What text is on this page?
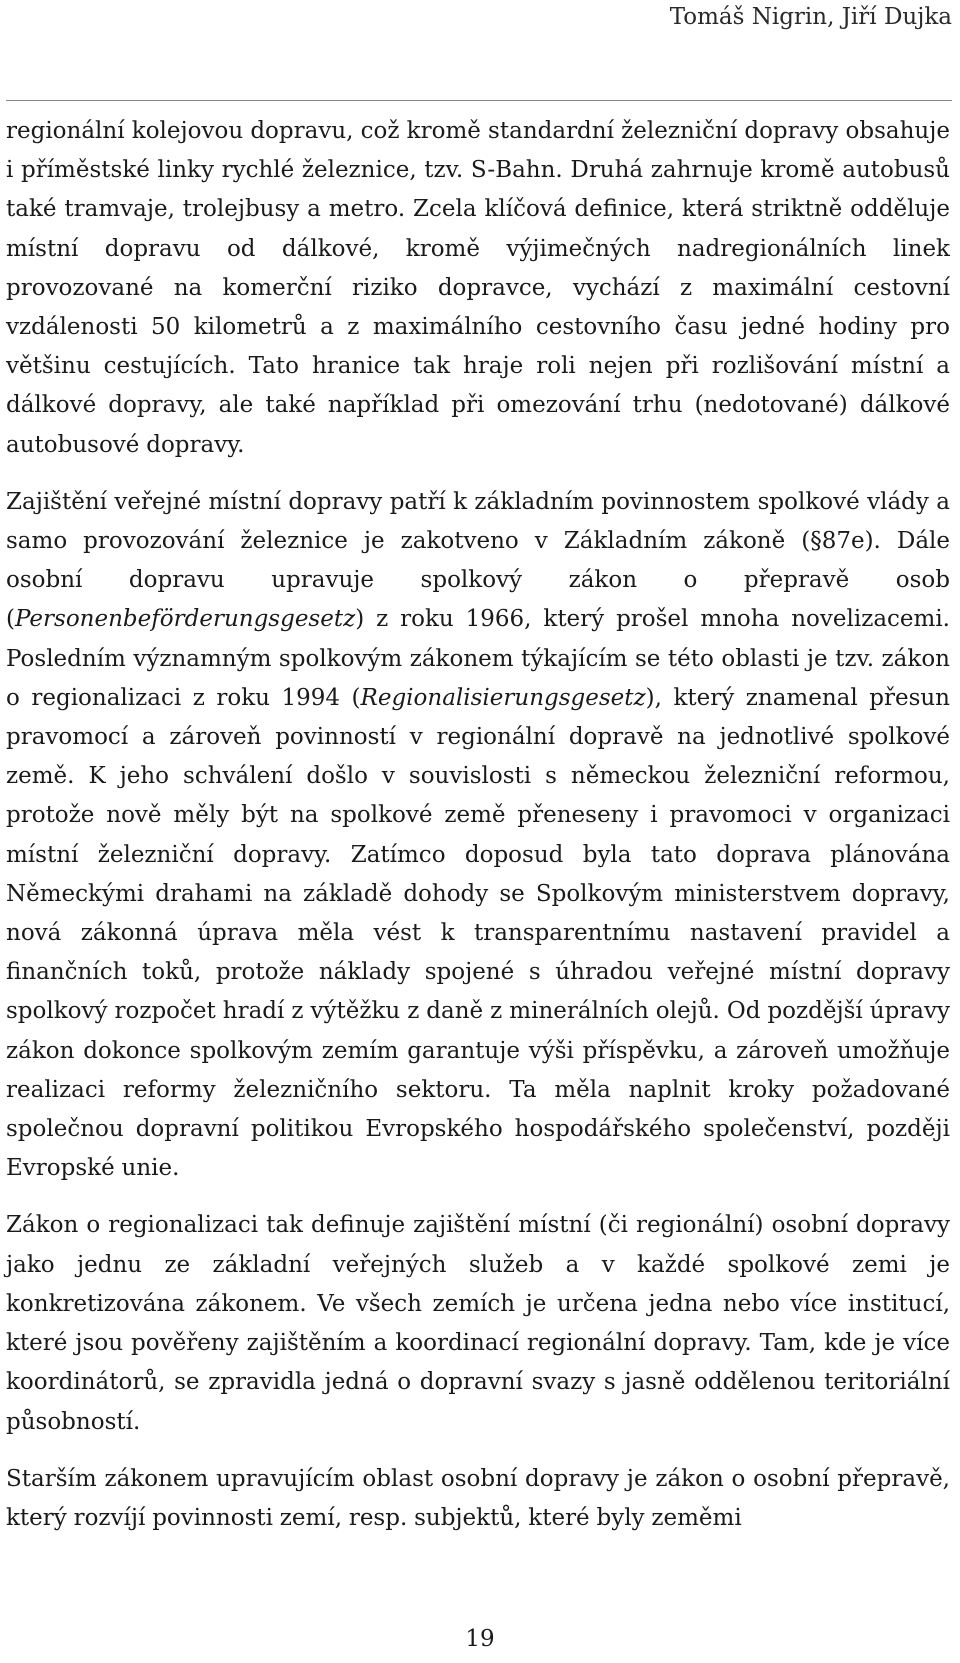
Tomáš Nigrin, Jiří Dujka

regionální kolejovou dopravu, což kromě standardní železniční dopravy obsahuje i příměstské linky rychlé železnice, tzv. S-Bahn. Druhá zahrnuje kromě autobusů také tramvaje, trolejbusy a metro. Zcela klíčová definice, která striktně odděluje místní dopravu od dálkové, kromě výjimečných nadregionálních linek provozované na komerční riziko dopravce, vychází z maximální cestovní vzdálenosti 50 kilometrů a z maximálního cestovního času jedné hodiny pro většinu cestujících. Tato hranice tak hraje roli nejen při rozlišování místní a dálkové dopravy, ale také například při omezování trhu (nedotované) dálkové autobusové dopravy.

Zajištění veřejné místní dopravy patří k základním povinnostem spolkové vlády a samo provozování železnice je zakotveno v Základním zákoně (§87e). Dále osobní dopravu upravuje spolkový zákon o přepravě osob (Personenbeförderungsgesetz) z roku 1966, který prošel mnoha novelizacemi. Posledním významným spolkovým zákonem týkajícím se této oblasti je tzv. zákon o regionalizaci z roku 1994 (Regionalisierungsgesetz), který znamenal přesun pravomocí a zároveň povinností v regionální dopravě na jednotlivé spolkové země. K jeho schválení došlo v souvislosti s německou železniční reformou, protože nově měly být na spolkové země přeneseny i pravomoci v organizaci místní železniční dopravy. Zatímco doposud byla tato doprava plánována Německými drahami na základě dohody se Spolkovým ministerstvem dopravy, nová zákonná úprava měla vést k transparentnímu nastavení pravidel a finančních toků, protože náklady spojené s úhradou veřejné místní dopravy spolkový rozpočet hradí z výtěžku z daně z minerálních olejů. Od pozdější úpravy zákon dokonce spolkovým zemím garantuje výši příspěvku, a zároveň umožňuje realizaci reformy železničního sektoru. Ta měla naplnit kroky požadované společnou dopravní politikou Evropského hospodářského společenství, později Evropské unie.

Zákon o regionalizaci tak definuje zajištění místní (či regionální) osobní dopravy jako jednu ze základní veřejných služeb a v každé spolkové zemi je konkretizována zákonem. Ve všech zemích je určena jedna nebo více institucí, které jsou pověřeny zajištěním a koordinací regionální dopravy. Tam, kde je více koordinátorů, se zpravidla jedná o dopravní svazy s jasně oddělenou teritoriální působností.

Starším zákonem upravujícím oblast osobní dopravy je zákon o osobní přepravě, který rozvíjí povinnosti zemí, resp. subjektů, které byly zeměmi

19
